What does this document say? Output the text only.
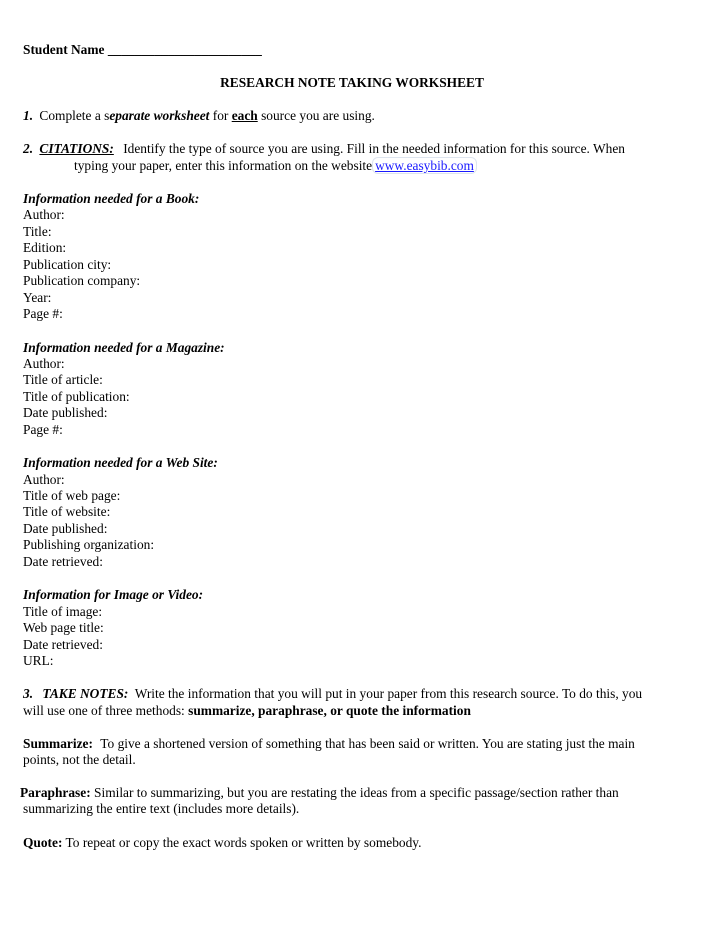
Student Name _______________________
RESEARCH NOTE TAKING WORKSHEET
1. Complete a separate worksheet for each source you are using.
2. CITATIONS: Identify the type of source you are using. Fill in the needed information for this source. When
typing your paper, enter this information on the website www.easybib.com
Information needed for a Book:
Author:
Title:
Edition:
Publication city:
Publication company:
Year:
Page #:
Information needed for a Magazine:
Author:
Title of article:
Title of publication:
Date published:
Page #:
Information needed for a Web Site:
Author:
Title of web page:
Title of website:
Date published:
Publishing organization:
Date retrieved:
Information for Image or Video:
Title of image:
Web page title:
Date retrieved:
URL:
3. TAKE NOTES: Write the information that you will put in your paper from this research source. To do this, you
will use one of three methods: summarize, paraphrase, or quote the information
Summarize: To give a shortened version of something that has been said or written. You are stating just the main
points, not the detail.
Paraphrase: Similar to summarizing, but you are restating the ideas from a specific passage/section rather than
summarizing the entire text (includes more details).
Quote: To repeat or copy the exact words spoken or written by somebody.
